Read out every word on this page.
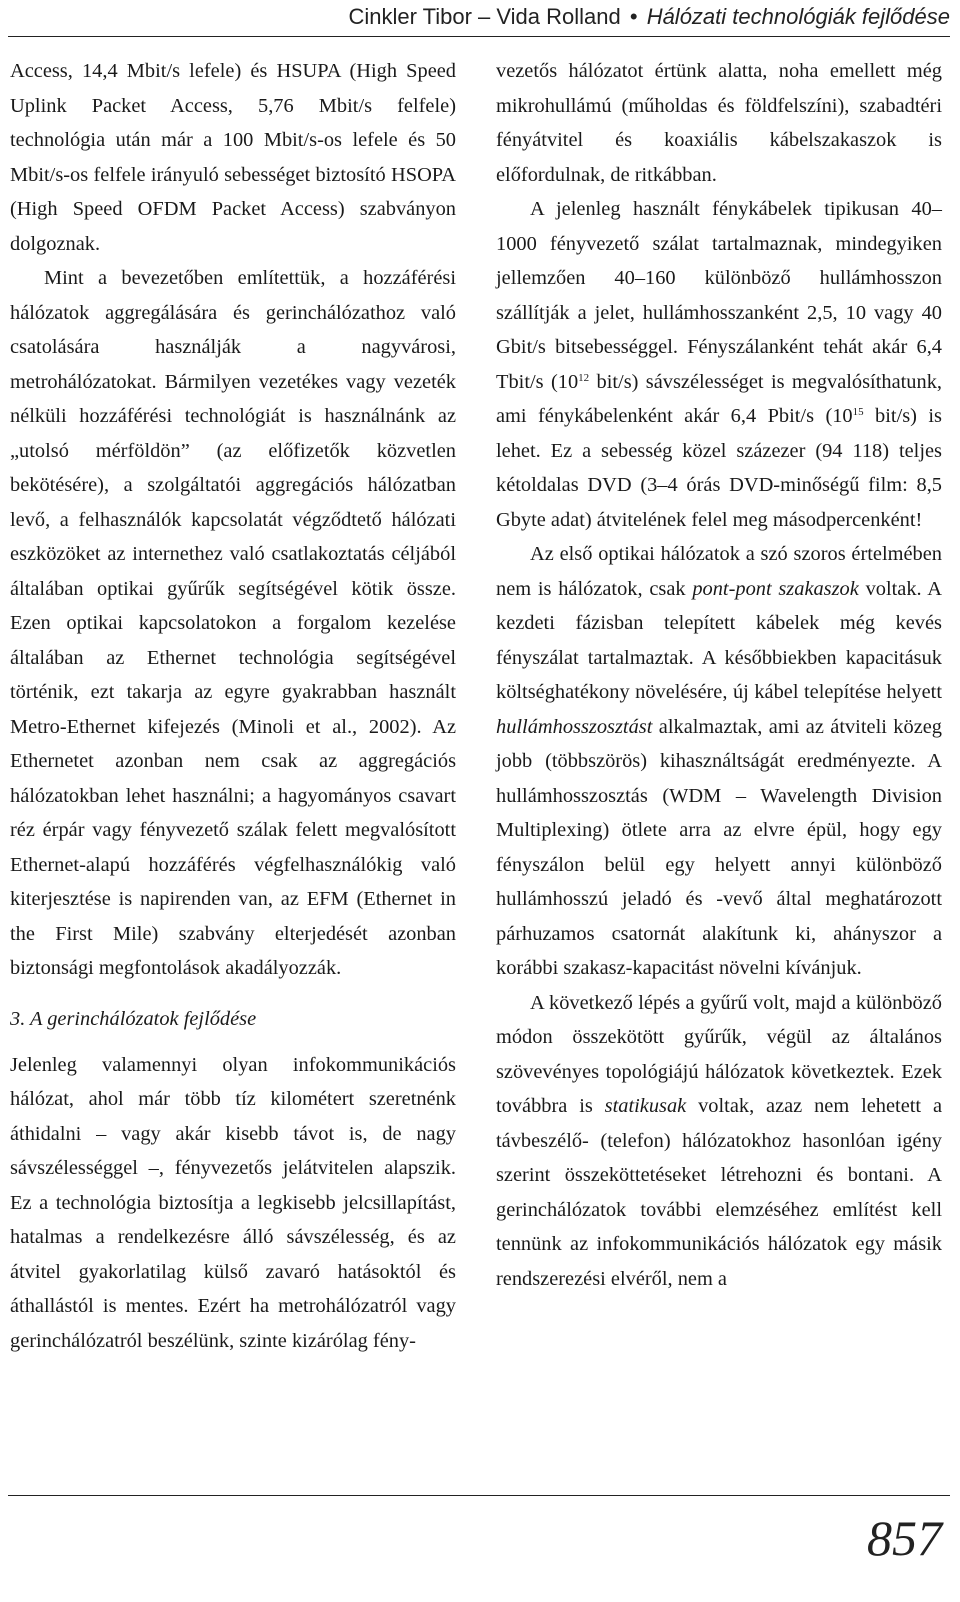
Cinkler Tibor – Vida Rolland • Hálózati technológiák fejlődése

Access, 14,4 Mbit/s lefele) és HSUPA (High Speed Uplink Packet Access, 5,76 Mbit/s felfele) technológia után már a 100 Mbit/s-os lefele és 50 Mbit/s-os felfele irányuló sebességet biztosító HSOPA (High Speed OFDM Packet Access) szabványon dolgoznak.

Mint a bevezetőben említettük, a hozzáférési hálózatok aggregálására és gerinchálózathoz való csatolására használják a nagyvárosi, metrohálózatokat. Bármilyen vezetékes vagy vezeték nélküli hozzáférési technológiát is használnánk az „utolsó mérföldön” (az előfizetők közvetlen bekötésére), a szolgáltatói aggregációs hálózatban levő, a felhasználók kapcsolatát végződtető hálózati eszközöket az internethez való csatlakoztatás céljából általában optikai gyűrűk segítségével kötik össze. Ezen optikai kapcsolatokon a forgalom kezelése általában az Ethernet technológia segítségével történik, ezt takarja az egyre gyakrabban használt Metro-Ethernet kifejezés (Minoli et al., 2002). Az Ethernetet azonban nem csak az aggregációs hálózatokban lehet használni; a hagyományos csavart réz érpár vagy fényvezető szálak felett megvalósított Ethernet-alapú hozzáférés végfelhasználókig való kiterjesztése is napirenden van, az EFM (Ethernet in the First Mile) szabvány elterjedését azonban biztonsági megfontolások akadályozzák.

3. A gerinchálózatok fejlődése

Jelenleg valamennyi olyan infokommunikációs hálózat, ahol már több tíz kilométert szeretnénk áthidalni – vagy akár kisebb távot is, de nagy sávszélességgel –, fényvezetős jelátvitelen alapszik. Ez a technológia biztosítja a legkisebb jelcsillapítást, hatalmas a rendelkezésre álló sávszélesség, és az átvitel gyakorlatilag külső zavaró hatásoktól és áthallástól is mentes. Ezért ha metrohálózatról vagy gerinchálózatról beszélünk, szinte kizárólag fény-

vezetős hálózatot értünk alatta, noha emellett még mikrohullámú (műholdas és földfelszíni), szabadtéri fényátvitel és koaxiális kábelszakaszok is előfordulnak, de ritkábban.

A jelenleg használt fénykábelek tipikusan 40–1000 fényvezető szálat tartalmaznak, mindegyiken jellemzően 40–160 különböző hullámhosszon szállítják a jelet, hullámhosszanként 2,5, 10 vagy 40 Gbit/s bitsebességgel. Fényszálanként tehát akár 6,4 Tbit/s ($10^{12}$ bit/s) sávszélességet is megvalósíthatunk, ami fénykábelenként akár 6,4 Pbit/s ($10^{15}$ bit/s) is lehet. Ez a sebesség közel százezer (94 118) teljes kétoldalas DVD (3–4 órás DVD-minőségű film: 8,5 Gbyte adat) átvitelének felel meg másodpercenként!

Az első optikai hálózatok a szó szoros értelmében nem is hálózatok, csak pont-pont szakaszok voltak. A kezdeti fázisban telepített kábelek még kevés fényszálat tartalmaztak. A későbbiekben kapacitásuk költséghatékony növelésére, új kábel telepítése helyett hullámhosszosztást alkalmaztak, ami az átviteli közeg jobb (többszörös) kihasználtságát eredményezte. A hullámhosszosztás (WDM – Wavelength Division Multiplexing) ötlete arra az elvre épül, hogy egy fényszálon belül egy helyett annyi különböző hullámhosszú jeladó és -vevő által meghatározott párhuzamos csatornát alakítunk ki, ahányszor a korábbi szakasz-kapacitást növelni kívánjuk.

A következő lépés a gyűrű volt, majd a különböző módon összekötött gyűrűk, végül az általános szövevényes topológiájú hálózatok következtek. Ezek továbbra is statikusak voltak, azaz nem lehetett a távbeszélő- (telefon) hálózatokhoz hasonlóan igény szerint összeköttetéseket létrehozni és bontani. A gerinchálózatok további elemzéséhez említést kell tennünk az infokommunikációs hálózatok egy másik rendszerezési elvéről, nem a

857
